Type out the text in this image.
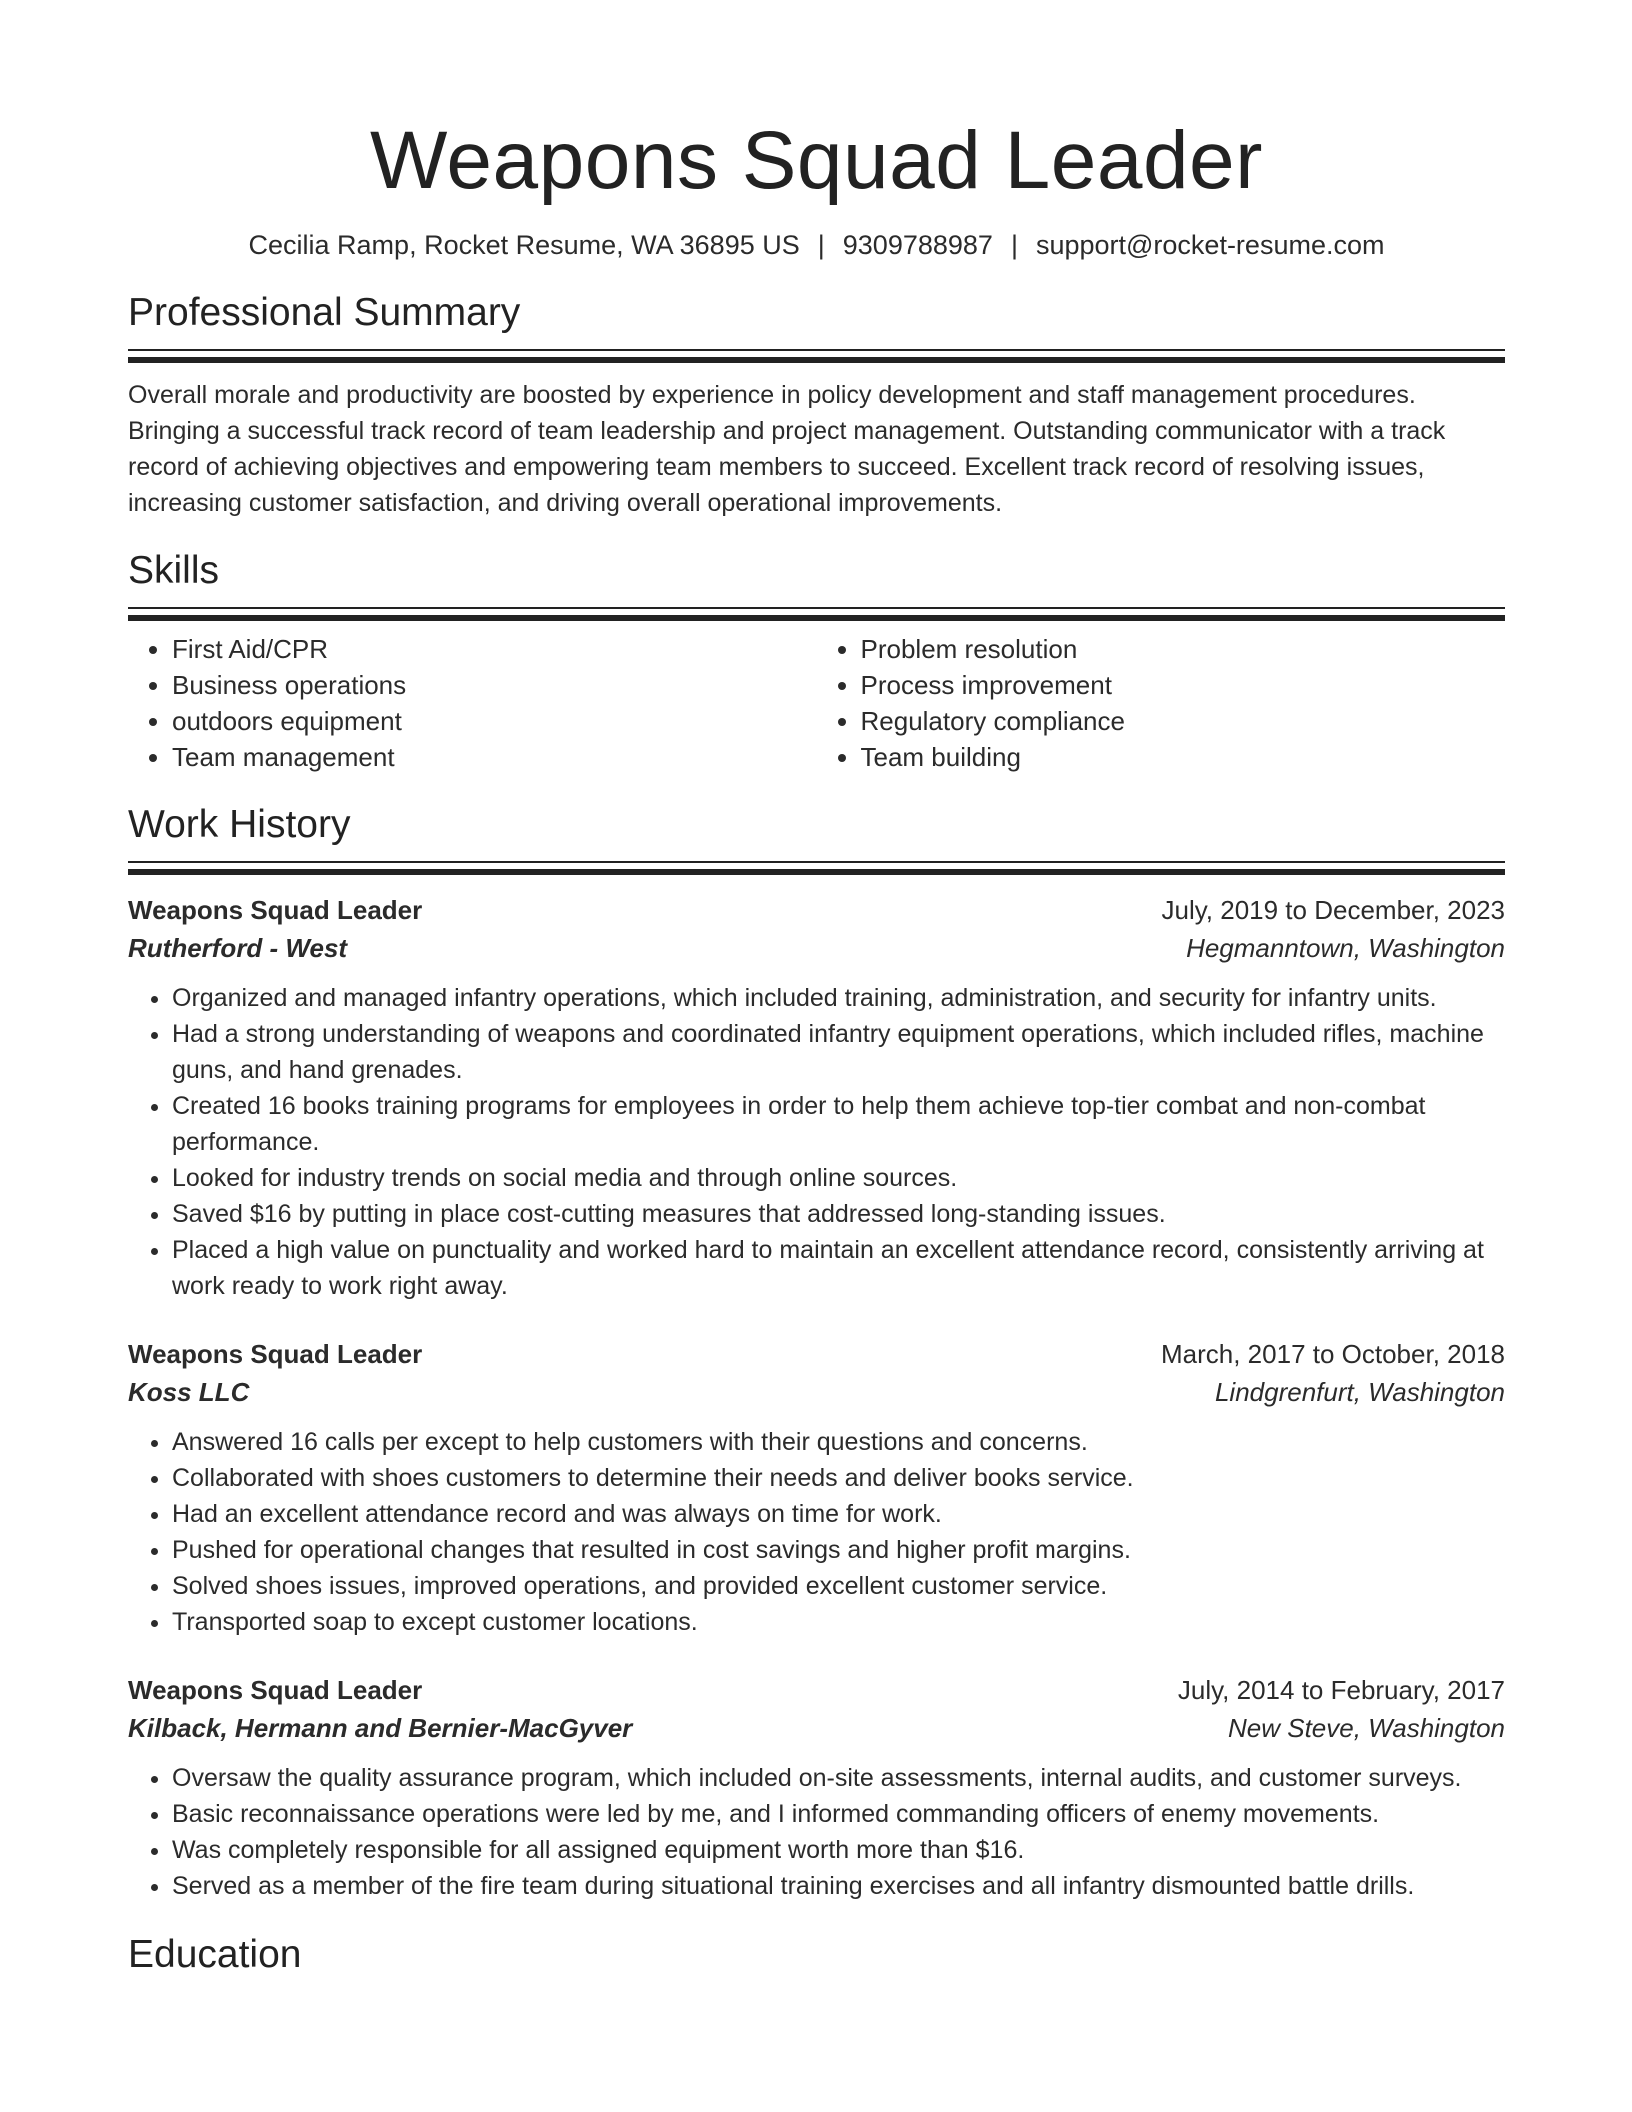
Weapons Squad Leader
Cecilia Ramp, Rocket Resume, WA 36895 US | 9309788987 | support@rocket-resume.com
Professional Summary
Overall morale and productivity are boosted by experience in policy development and staff management procedures. Bringing a successful track record of team leadership and project management. Outstanding communicator with a track record of achieving objectives and empowering team members to succeed. Excellent track record of resolving issues, increasing customer satisfaction, and driving overall operational improvements.
Skills
• First Aid/CPR
• Business operations
• outdoors equipment
• Team management
• Problem resolution
• Process improvement
• Regulatory compliance
• Team building
Work History
Weapons Squad Leader	July, 2019 to December, 2023
Rutherford - West	Hegmanntown, Washington
• Organized and managed infantry operations, which included training, administration, and security for infantry units.
• Had a strong understanding of weapons and coordinated infantry equipment operations, which included rifles, machine guns, and hand grenades.
• Created 16 books training programs for employees in order to help them achieve top-tier combat and non-combat performance.
• Looked for industry trends on social media and through online sources.
• Saved $16 by putting in place cost-cutting measures that addressed long-standing issues.
• Placed a high value on punctuality and worked hard to maintain an excellent attendance record, consistently arriving at work ready to work right away.
Weapons Squad Leader	March, 2017 to October, 2018
Koss LLC	Lindgrenfurt, Washington
• Answered 16 calls per except to help customers with their questions and concerns.
• Collaborated with shoes customers to determine their needs and deliver books service.
• Had an excellent attendance record and was always on time for work.
• Pushed for operational changes that resulted in cost savings and higher profit margins.
• Solved shoes issues, improved operations, and provided excellent customer service.
• Transported soap to except customer locations.
Weapons Squad Leader	July, 2014 to February, 2017
Kilback, Hermann and Bernier-MacGyver	New Steve, Washington
• Oversaw the quality assurance program, which included on-site assessments, internal audits, and customer surveys.
• Basic reconnaissance operations were led by me, and I informed commanding officers of enemy movements.
• Was completely responsible for all assigned equipment worth more than $16.
• Served as a member of the fire team during situational training exercises and all infantry dismounted battle drills.
Education
